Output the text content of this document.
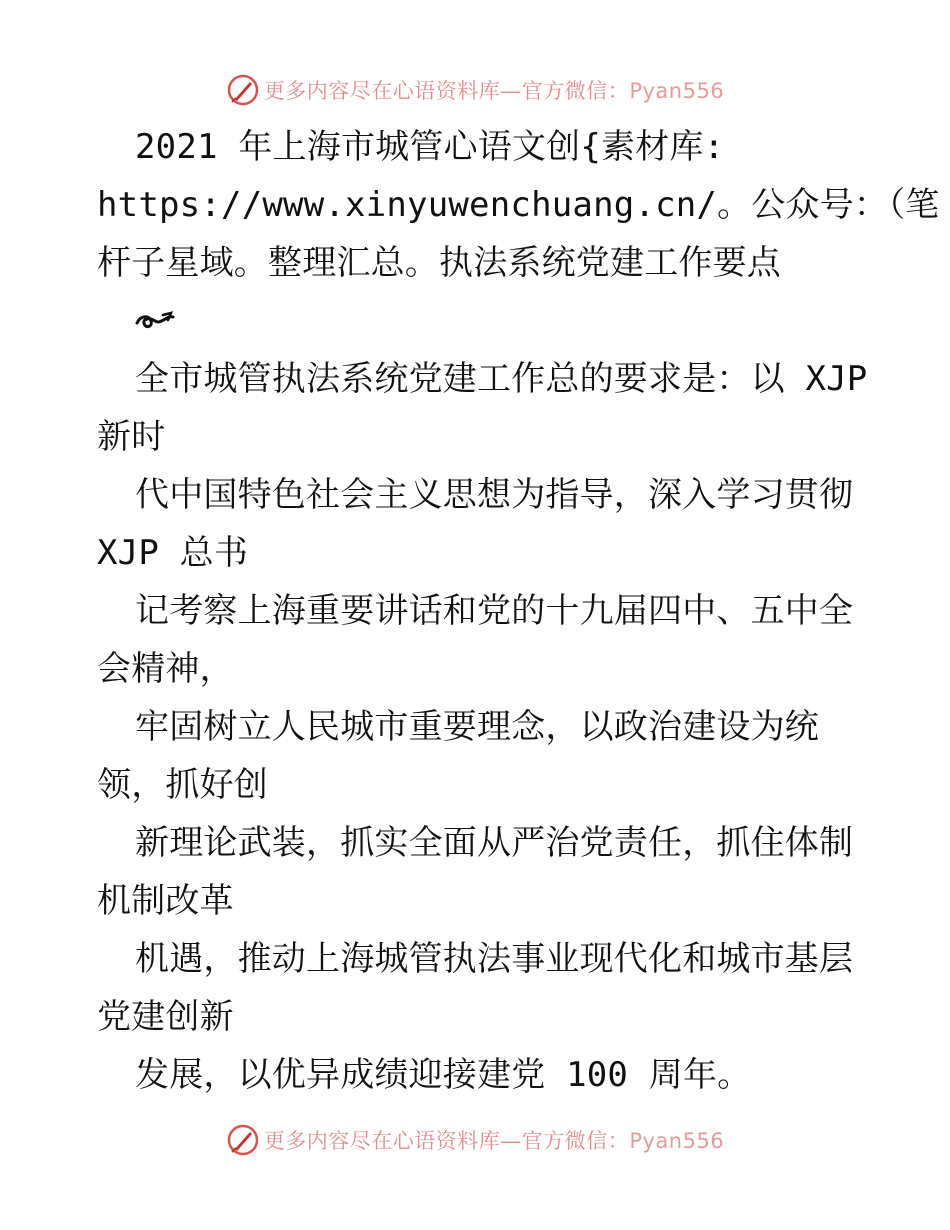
更多内容尽在心语资料库—官方微信：Pyan556
2021 年上海市城管心语文创{素材库:
https://www.xinyuwenchuang.cn/。公众号：（笔
杆子星域。整理汇总。执法系统党建工作要点
全市城管执法系统党建工作总的要求是：以 XJP
新时
代中国特色社会主义思想为指导，深入学习贯彻
XJP 总书
记考察上海重要讲话和党的十九届四中、五中全
会精神，
牢固树立人民城市重要理念，以政治建设为统
领，抓好创
新理论武装，抓实全面从严治党责任，抓住体制
机制改革
机遇，推动上海城管执法事业现代化和城市基层
党建创新
发展，以优异成绩迎接建党 100 周年。
更多内容尽在心语资料库—官方微信：Pyan556
